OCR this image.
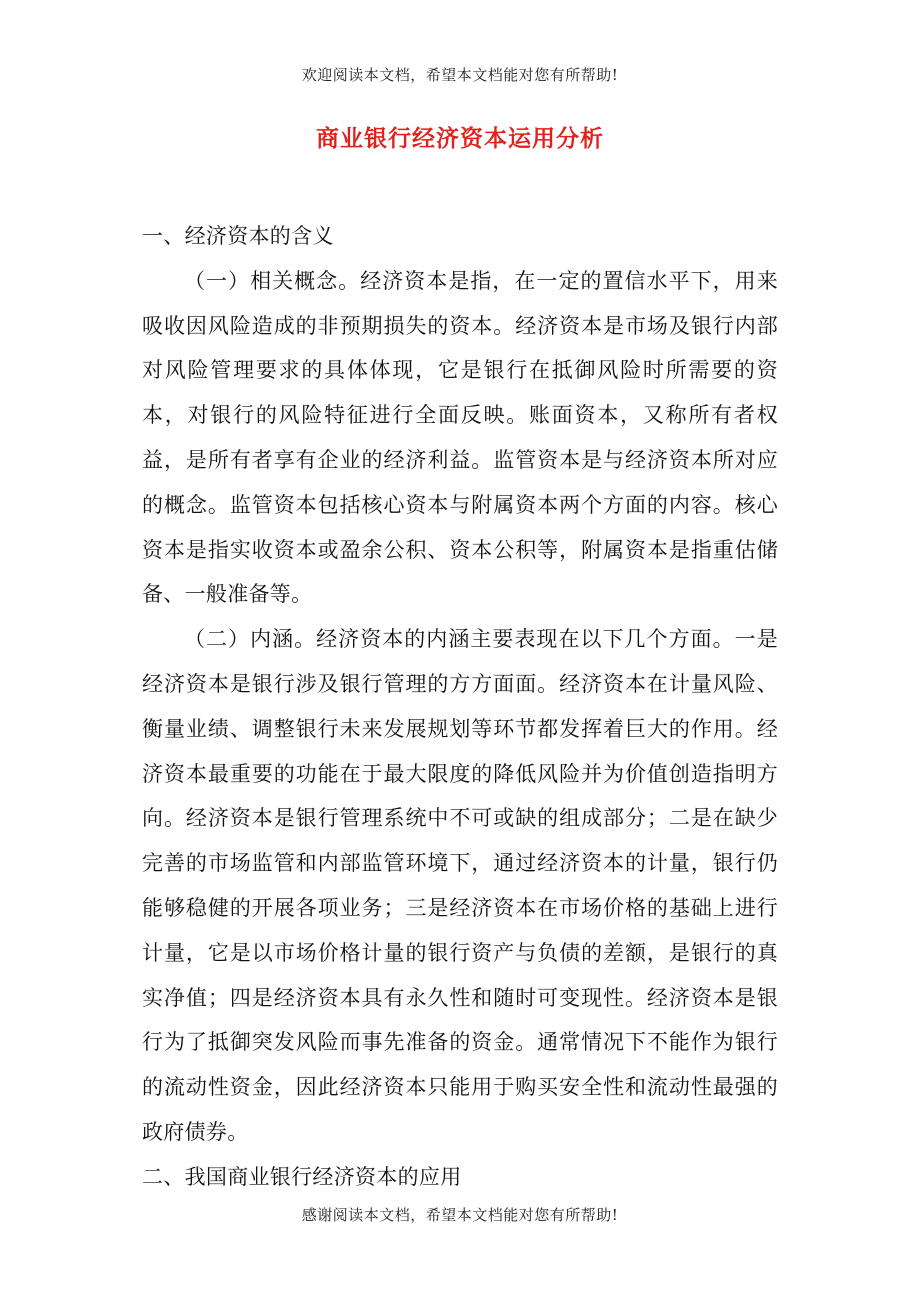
欢迎阅读本文档，希望本文档能对您有所帮助!
商业银行经济资本运用分析

一、经济资本的含义

（一）相关概念。经济资本是指，在一定的置信水平下，用来吸收因风险造成的非预期损失的资本。经济资本是市场及银行内部对风险管理要求的具体体现，它是银行在抵御风险时所需要的资本，对银行的风险特征进行全面反映。账面资本，又称所有者权益，是所有者享有企业的经济利益。监管资本是与经济资本所对应的概念。监管资本包括核心资本与附属资本两个方面的内容。核心资本是指实收资本或盈余公积、资本公积等，附属资本是指重估储备、一般准备等。

（二）内涵。经济资本的内涵主要表现在以下几个方面。一是经济资本是银行涉及银行管理的方方面面。经济资本在计量风险、衡量业绩、调整银行未来发展规划等环节都发挥着巨大的作用。经济资本最重要的功能在于最大限度的降低风险并为价值创造指明方向。经济资本是银行管理系统中不可或缺的组成部分；二是在缺少完善的市场监管和内部监管环境下，通过经济资本的计量，银行仍能够稳健的开展各项业务；三是经济资本在市场价格的基础上进行计量，它是以市场价格计量的银行资产与负债的差额，是银行的真实净值；四是经济资本具有永久性和随时可变现性。经济资本是银行为了抵御突发风险而事先准备的资金。通常情况下不能作为银行的流动性资金，因此经济资本只能用于购买安全性和流动性最强的政府债券。

二、我国商业银行经济资本的应用

感谢阅读本文档，希望本文档能对您有所帮助!
